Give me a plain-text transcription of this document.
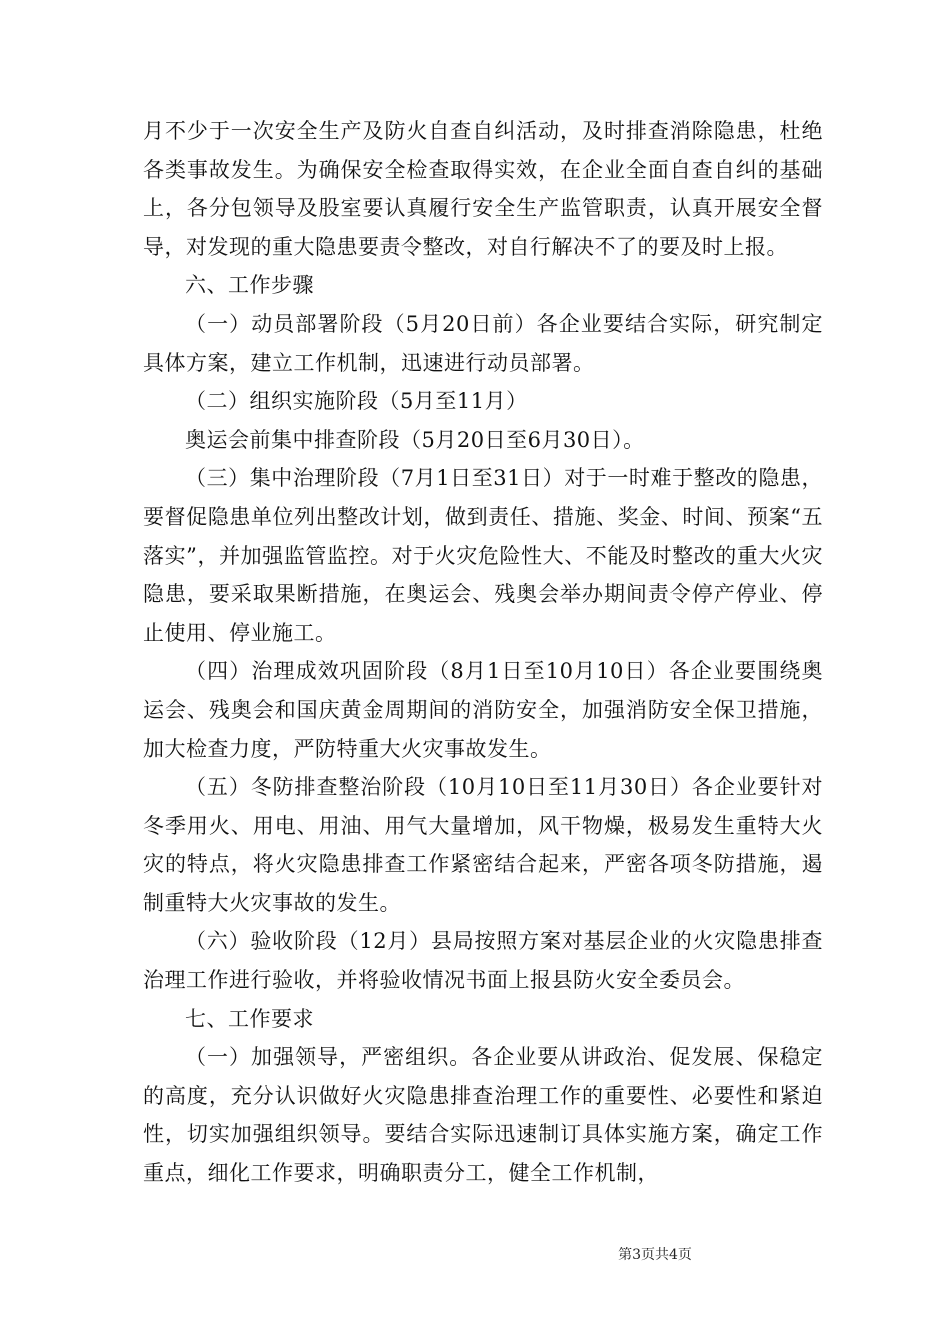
月不少于一次安全生产及防火自查自纠活动，及时排查消除隐患，杜绝各类事故发生。为确保安全检查取得实效，在企业全面自查自纠的基础上，各分包领导及股室要认真履行安全生产监管职责，认真开展安全督导，对发现的重大隐患要责令整改，对自行解决不了的要及时上报。

六、工作步骤

（一）动员部署阶段（5月20日前）各企业要结合实际，研究制定具体方案，建立工作机制，迅速进行动员部署。

（二）组织实施阶段（5月至11月）

奥运会前集中排查阶段（5月20日至6月30日）。

（三）集中治理阶段（7月1日至31日）对于一时难于整改的隐患，要督促隐患单位列出整改计划，做到责任、措施、奖金、时间、预案“五落实”，并加强监管监控。对于火灾危险性大、不能及时整改的重大火灾隐患，要采取果断措施，在奥运会、残奥会举办期间责令停产停业、停止使用、停业施工。

（四）治理成效巩固阶段（8月1日至10月10日）各企业要围绕奥运会、残奥会和国庆黄金周期间的消防安全，加强消防安全保卫措施，加大检查力度，严防特重大火灾事故发生。

（五）冬防排查整治阶段（10月10日至11月30日）各企业要针对冬季用火、用电、用油、用气大量增加，风干物燥，极易发生重特大火灾的特点，将火灾隐患排查工作紧密结合起来，严密各项冬防措施，遏制重特大火灾事故的发生。

（六）验收阶段（12月）县局按照方案对基层企业的火灾隐患排查治理工作进行验收，并将验收情况书面上报县防火安全委员会。

七、工作要求

（一）加强领导，严密组织。各企业要从讲政治、促发展、保稳定的高度，充分认识做好火灾隐患排查治理工作的重要性、必要性和紧迫性，切实加强组织领导。要结合实际迅速制订具体实施方案，确定工作重点，细化工作要求，明确职责分工，健全工作机制，

第3页共4页
